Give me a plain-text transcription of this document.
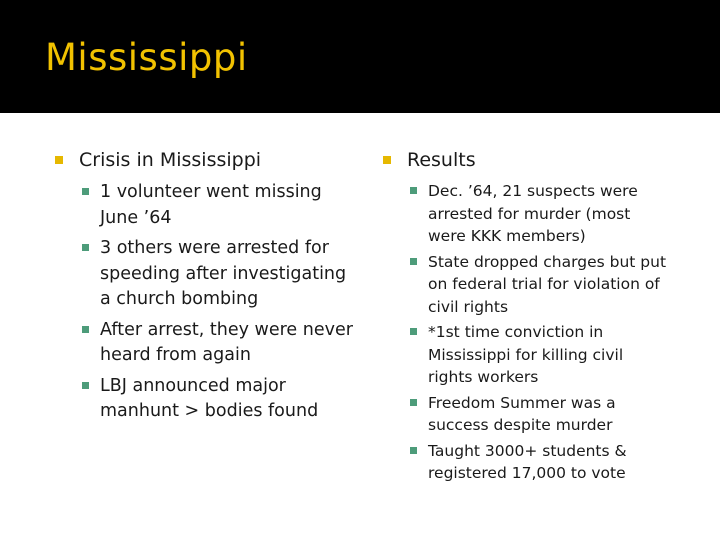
Mississippi
Crisis in Mississippi
1 volunteer went missing June ’64
3 others were arrested for speeding after investigating a church bombing
After arrest, they were never heard from again
LBJ announced major manhunt > bodies found
Results
Dec. ’64, 21 suspects were arrested for murder (most were KKK members)
State dropped charges but put on federal trial for violation of civil rights
*1st time conviction in Mississippi for killing civil rights workers
Freedom Summer was a success despite murder
Taught 3000+ students & registered 17,000 to vote
